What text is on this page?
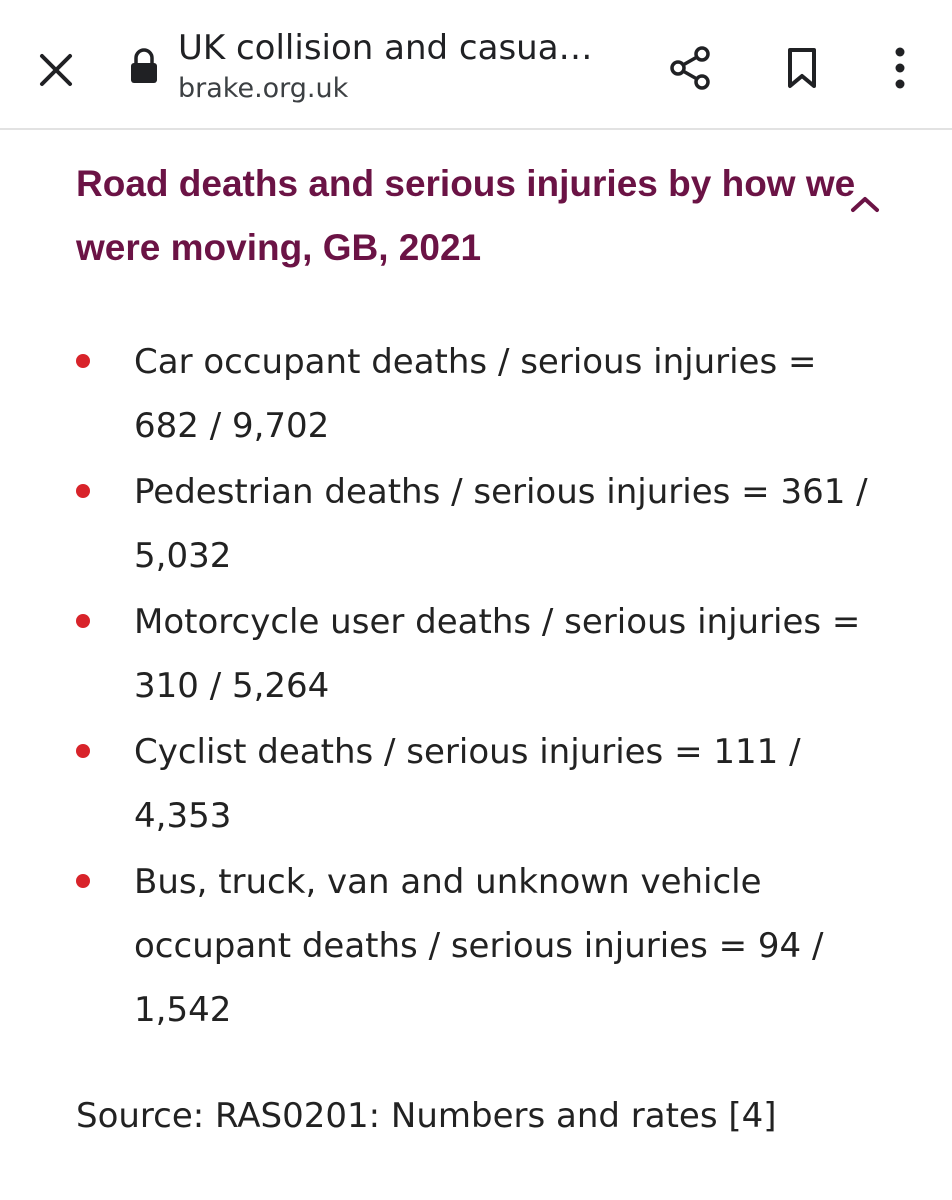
UK collision and casua…
brake.org.uk
Road deaths and serious injuries by how we were moving, GB, 2021
Car occupant deaths / serious injuries = 682 / 9,702
Pedestrian deaths / serious injuries = 361 / 5,032
Motorcycle user deaths / serious injuries = 310 / 5,264
Cyclist deaths / serious injuries = 111 / 4,353
Bus, truck, van and unknown vehicle occupant deaths / serious injuries = 94 / 1,542
Source: RAS0201: Numbers and rates [4]
